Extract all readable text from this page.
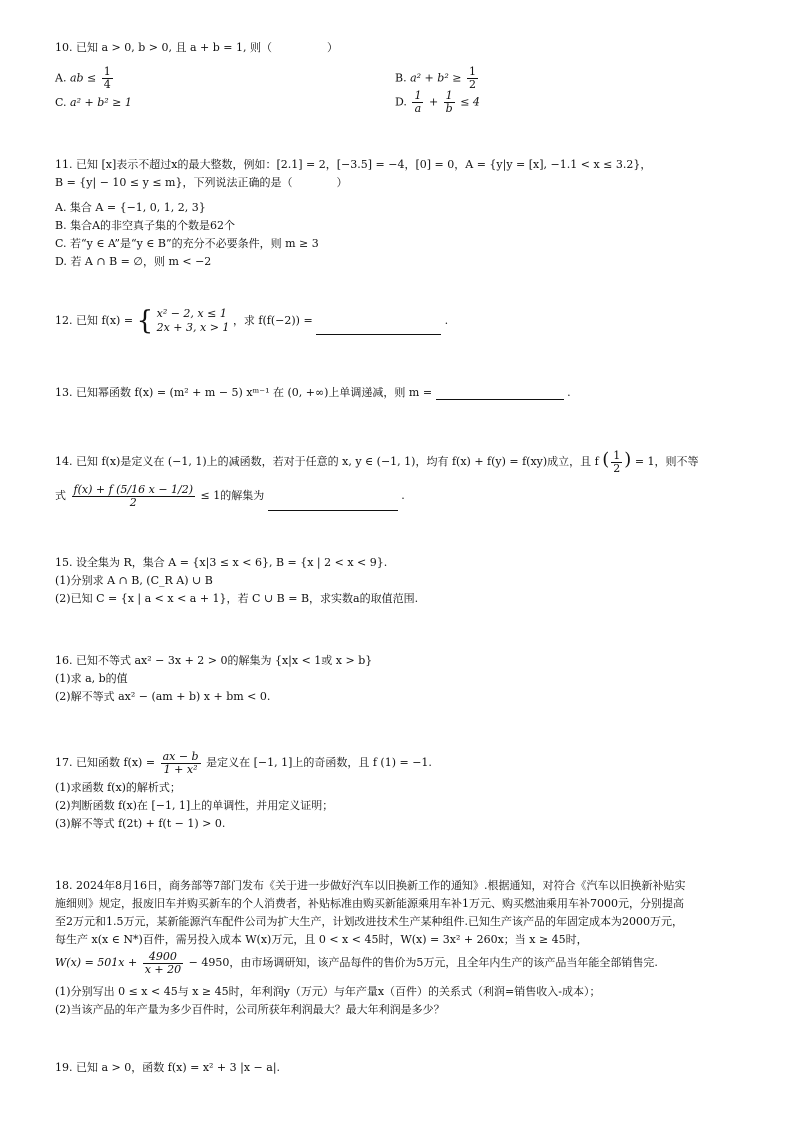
10. 已知 a > 0, b > 0, 且 a + b = 1, 则（　　　　　）
A. ab ≤ $\frac{1}{4}$	B. $a^2 + b^2 \ge \frac{1}{2}$
C. a² + b² ≥ 1	D. $\frac{1}{a} + \frac{1}{b} \le 4$
11. 已知 [x]表示不超过x的最大整数，例如：[2.1] = 2，[−3.5] = −4，[0] = 0，A = {y|y = [x], −1.1 < x ≤ 3.2}，
B = {y| − 10 ≤ y ≤ m}，下列说法正确的是（　　　　）
A. 集合 A = {−1, 0, 1, 2, 3}
B. 集合A的非空真子集的个数是62个
C. 若“y ∈ A”是“y ∈ B”的充分不必要条件，则 m ≥ 3
D. 若 A ∩ B = ∅，则 m < −2
12. 已知 f(x) = { x² − 2, x ≤ 1
2x + 3, x > 1
，求 f(f(−2)) =	.
13. 已知幂函数 f(x) = (m² + m − 5) xᵐ⁻¹ 在 (0, +∞)上单调递减，则 m =	.
14. 已知 f(x)是定义在 (−1, 1)上的减函数，若对于任意的 x, y ∈ (−1, 1)，均有 f(x) + f(y) = f(xy)成立，且 f ( $\frac{1}{2}$ ) = 1，则不等
式 $\frac{f(x) + f (5/16 x - 1/2)}{2} \le 1$的解集为	.
15. 设全集为 R，集合 A = {x|3 ≤ x < 6}, B = {x | 2 < x < 9}.
(1)分别求 A ∩ B, (C_R A) ∪ B
(2)已知 C = {x | a < x < a + 1}，若 C ∪ B = B，求实数a的取值范围.
16. 已知不等式 ax² − 3x + 2 > 0的解集为 {x|x < 1或 x > b}
(1)求 a, b的值
(2)解不等式 ax² − (am + b) x + bm < 0.
17. 已知函数 $f(x) = \frac{ax - b}{\text{1 + x²}}$ 是定义在 [−1, 1]上的奇函数，且 f (1) = −1.
(1)求函数 f(x)的解析式；
(2)判断函数 f(x)在 [−1, 1]上的单调性，并用定义证明；
(3)解不等式 f(2t) + f(t − 1) > 0.
18. 2024年8月16日，商务部等7部门发布《关于进一步做好汽车以旧换新工作的通知》.根据通知，对符合《汽车以旧换新补贴实
施细则》规定，报废旧车并购买新车的个人消费者，补贴标准由购买新能源乘用车补1万元、购买燃油乘用车补7000元，分别提高
至2万元和1.5万元，某新能源汽车配件公司为扩大生产，计划改进技术生产某种组件.已知生产该产品的年固定成本为2000万元，
每生产 x(x ∈ N*)百件，需另投入成本 W(x)万元，且 0 < x < 45时，W(x) = 3x² + 260x；当 x ≥ 45时，
$W(x) = 501x + \frac{4900}{x + 20} - 4950$，由市场调研知，该产品每件的售价为5万元，且全年内生产的该产品当年能全部销售完.
(1)分别写出 0 ≤ x < 45与 x ≥ 45时，年利润y（万元）与年产量x（百件）的关系式（利润=销售收入-成本）；
(2)当该产品的年产量为多少百件时，公司所获年利润最大？最大年利润是多少？
19. 已知 a > 0，函数 f(x) = x² + 3 |x − a|.
